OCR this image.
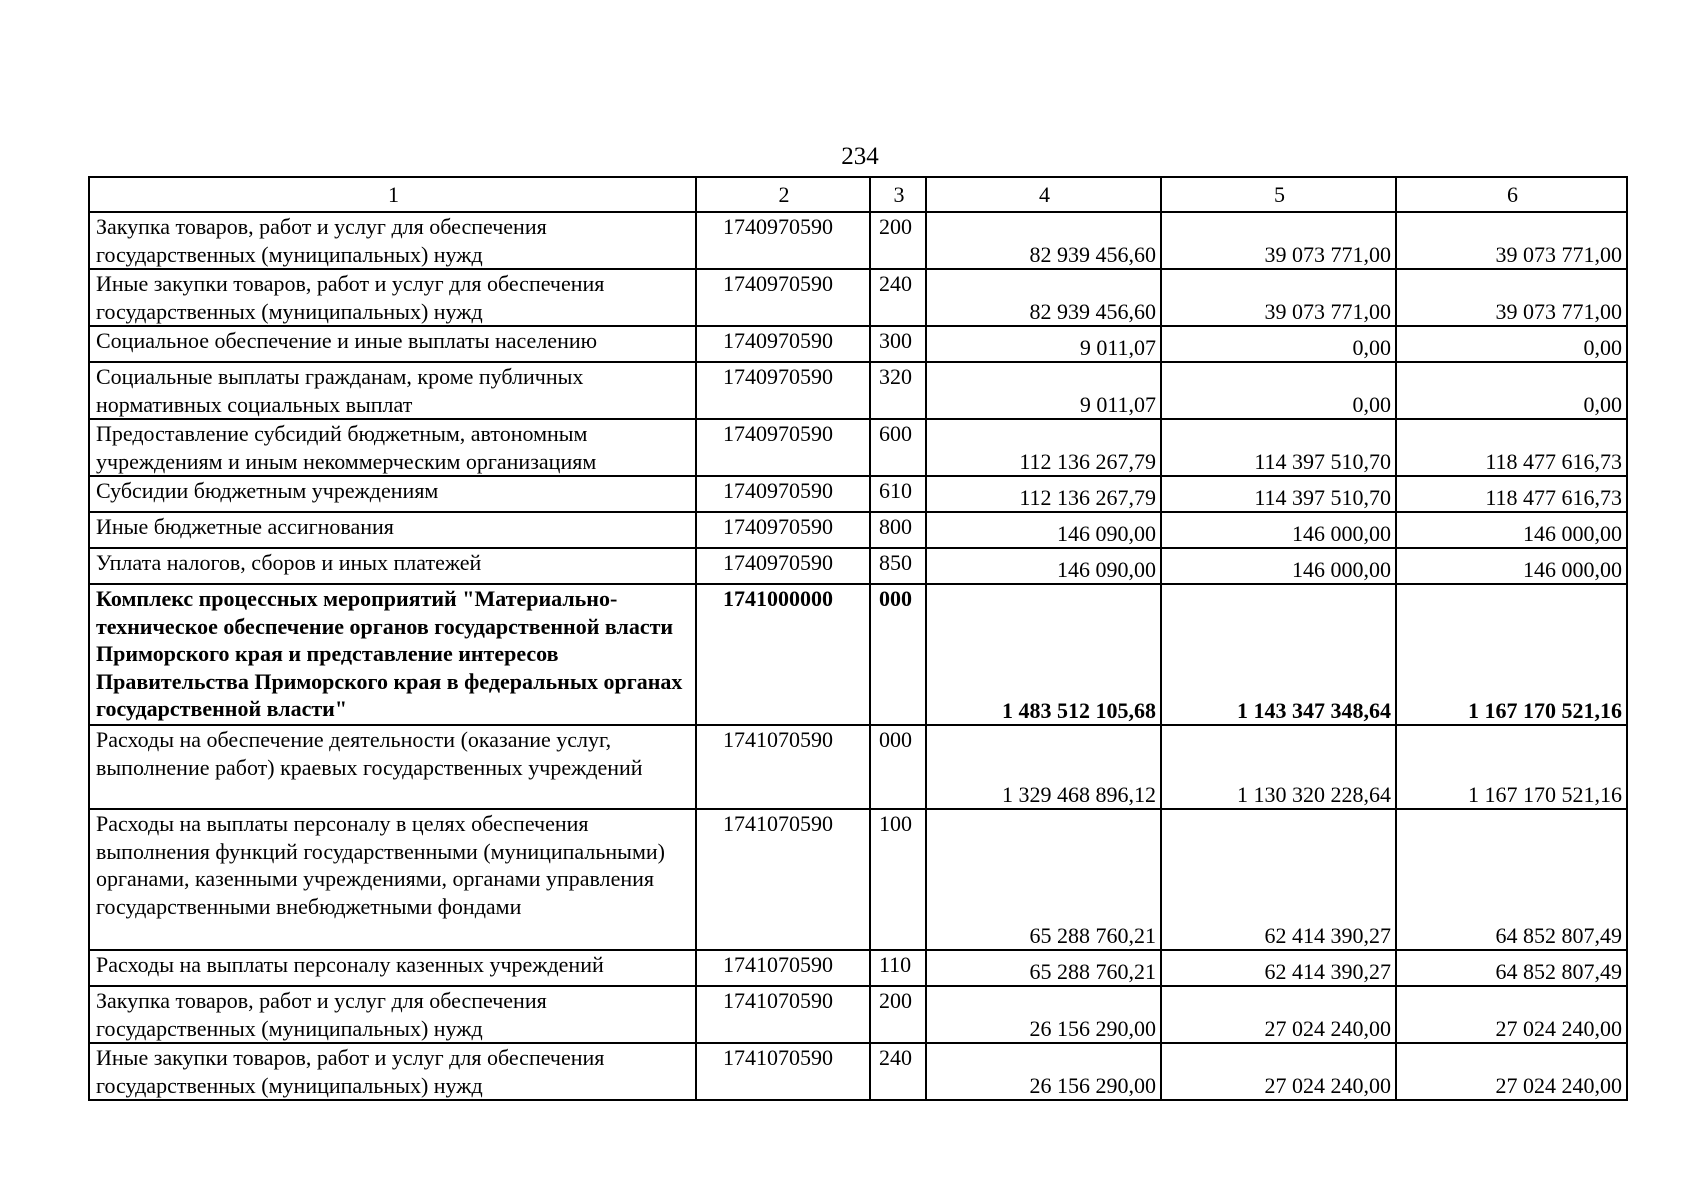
234
1	2	3	4	5	6
Закупка товаров, работ и услуг для обеспечения государственных (муниципальных) нужд	1740970590	200	82 939 456,60	39 073 771,00	39 073 771,00
Иные закупки товаров, работ и услуг для обеспечения государственных (муниципальных) нужд	1740970590	240	82 939 456,60	39 073 771,00	39 073 771,00
Социальное обеспечение и иные выплаты населению	1740970590	300	9 011,07	0,00	0,00
Социальные выплаты гражданам, кроме публичных нормативных социальных выплат	1740970590	320	9 011,07	0,00	0,00
Предоставление субсидий бюджетным, автономным учреждениям и иным некоммерческим организациям	1740970590	600	112 136 267,79	114 397 510,70	118 477 616,73
Субсидии бюджетным учреждениям	1740970590	610	112 136 267,79	114 397 510,70	118 477 616,73
Иные бюджетные ассигнования	1740970590	800	146 090,00	146 000,00	146 000,00
Уплата налогов, сборов и иных платежей	1740970590	850	146 090,00	146 000,00	146 000,00
Комплекс процессных мероприятий "Материально-техническое обеспечение органов государственной власти Приморского края и представление интересов Правительства Приморского края в федеральных органах государственной власти"	1741000000	000	1 483 512 105,68	1 143 347 348,64	1 167 170 521,16
Расходы на обеспечение деятельности (оказание услуг, выполнение работ) краевых государственных учреждений	1741070590	000	1 329 468 896,12	1 130 320 228,64	1 167 170 521,16
Расходы на выплаты персоналу в целях обеспечения выполнения функций государственными (муниципальными) органами, казенными учреждениями, органами управления государственными внебюджетными фондами	1741070590	100	65 288 760,21	62 414 390,27	64 852 807,49
Расходы на выплаты персоналу казенных учреждений	1741070590	110	65 288 760,21	62 414 390,27	64 852 807,49
Закупка товаров, работ и услуг для обеспечения государственных (муниципальных) нужд	1741070590	200	26 156 290,00	27 024 240,00	27 024 240,00
Иные закупки товаров, работ и услуг для обеспечения государственных (муниципальных) нужд	1741070590	240	26 156 290,00	27 024 240,00	27 024 240,00
